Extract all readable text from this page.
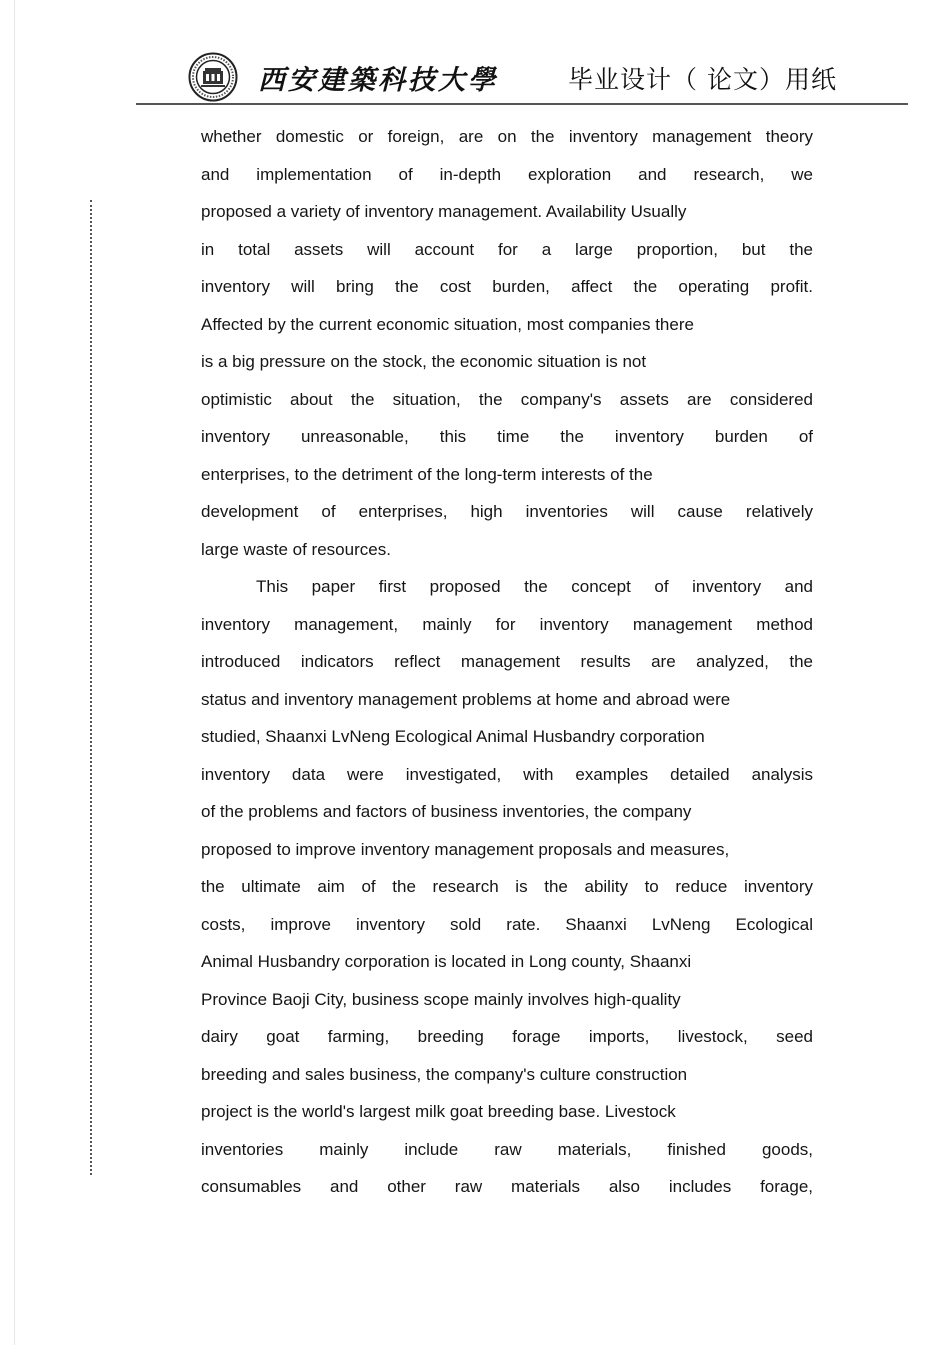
西安建築科技大學	毕业设计（ 论文）用纸
whether domestic or foreign, are on the inventory management theory
and implementation of in-depth exploration and research, we
proposed a variety of inventory management. Availability Usually
in total assets will account for a large proportion, but the
inventory will bring the cost burden, affect the operating profit.
Affected by the current economic situation, most companies there
is a big pressure on the stock, the economic situation is not
optimistic about the situation, the company's assets are considered
inventory unreasonable, this time the inventory burden of
enterprises, to the detriment of the long-term interests of the
development of enterprises, high inventories will cause relatively
large waste of resources.
This paper first proposed the concept of inventory and
inventory management, mainly for inventory management method
introduced indicators reflect management results are analyzed, the
status and inventory management problems at home and abroad were
studied, Shaanxi LvNeng Ecological Animal Husbandry corporation
inventory data were investigated, with examples detailed analysis
of the problems and factors of business inventories, the company
proposed to improve inventory management proposals and measures,
the ultimate aim of the research is the ability to reduce inventory
costs, improve inventory sold rate. Shaanxi LvNeng Ecological
Animal Husbandry corporation is located in Long county, Shaanxi
Province Baoji City, business scope mainly involves high-quality
dairy goat farming, breeding forage imports, livestock, seed
breeding and sales business, the company's culture construction
project is the world's largest milk goat breeding base. Livestock
inventories mainly include raw materials, finished goods,
consumables and other raw materials also includes forage,
